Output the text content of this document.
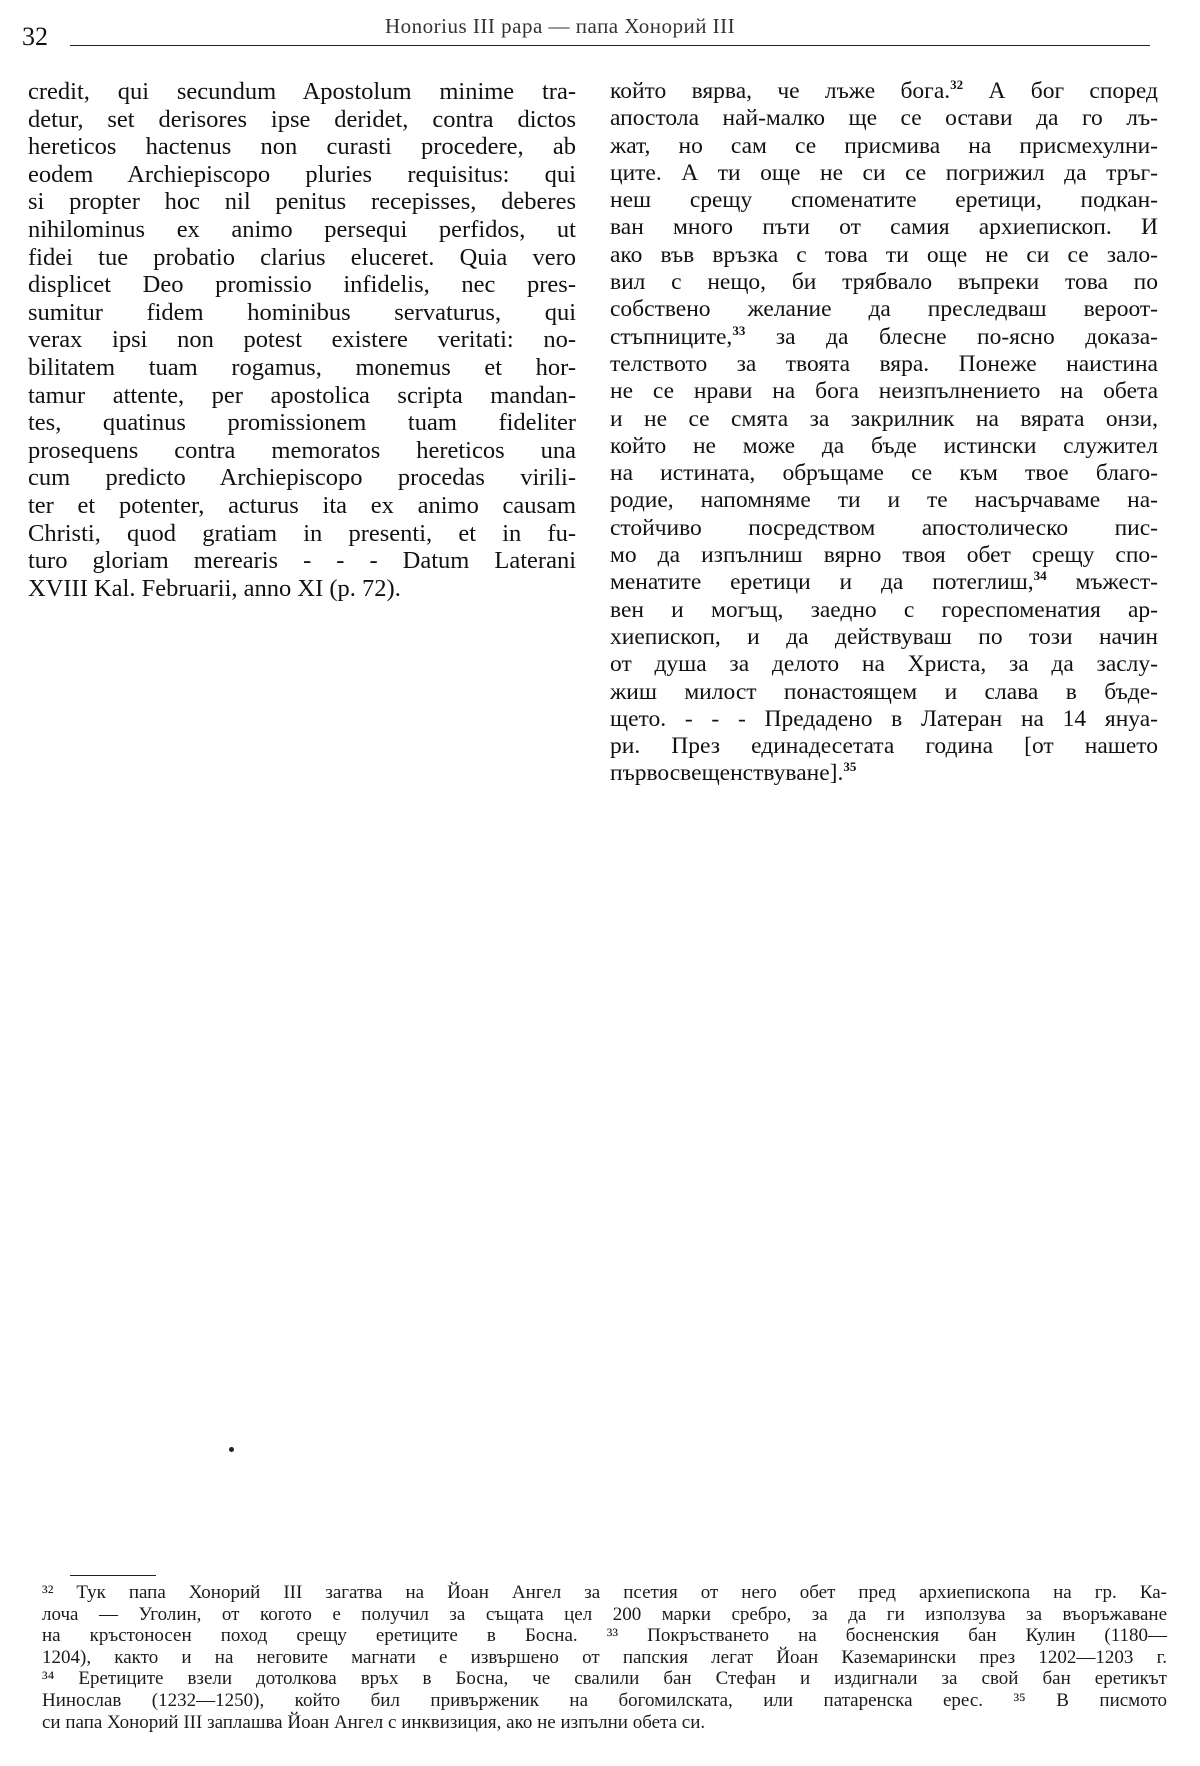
32	Honorius III papa — папа Хонорий III
credit, qui secundum Apostolum minime tra-
detur, set derisores ipse deridet, contra dictos
hereticos hactenus non curasti procedere, ab
eodem Archiepiscopo pluries requisitus: qui
si propter hoc nil penitus recepisses, deberes
nihilominus ex animo persequi perfidos, ut
fidei tue probatio clarius eluceret. Quia vero
displicet Deo promissio infidelis, nec pres-
sumitur fidem hominibus servaturus, qui
verax ipsi non potest existere veritati: no-
bilitatem tuam rogamus, monemus et hor-
tamur attente, per apostolica scripta mandan-
tes, quatinus promissionem tuam fideliter
prosequens contra memoratos hereticos una
cum predicto Archiepiscopo procedas virili-
ter et potenter, acturus ita ex animo causam
Christi, quod gratiam in presenti, et in fu-
turo gloriam merearis - - - Datum Laterani
XVIII Kal. Februarii, anno XI (p. 72).
който вярва, че лъже бога.$^{32}$ А бог според
апостола най-малко ще се остави да го лъ-
жат, но сам се присмива на присмехулни-
ците. А ти още не си се погрижил да тръг-
неш срещу споменатите еретици, подкан-
ван много пъти от самия архиепископ. И
ако във връзка с това ти още не си се зало-
вил с нещо, би трябвало въпреки това по
собствено желание да преследваш вероот-
стъпниците,$^{33}$ за да блесне по-ясно доказа-
телството за твоята вяра. Понеже наистина
не се нрави на бога неизпълнението на обета
и не се смята за закрилник на вярата онзи,
който не може да бъде истински служител
на истината, обръщаме се към твое благо-
родие, напомняме ти и те насърчаваме на-
стойчиво посредством апостолическо пис-
мо да изпълниш вярно твоя обет срещу спо-
менатите еретици и да потеглиш,$^{34}$ мъжест-
вен и могъщ, заедно с гореспоменатия ар-
хиепископ, и да действуваш по този начин
от душа за делото на Христа, за да заслу-
жиш милост понастоящем и слава в бъде-
щето. - - - Предадено в Латеран на 14 януа-
ри. През единадесетата година [от нашето
първосвещенствуване].$^{35}$
³² Тук папа Хонорий III загатва на Йоан Ангел за псетия от него обет пред архиепископа на гр. Ка-
лоча — Уголин, от когото е получил за същата цел 200 марки сребро, за да ги използува за въоръжаване
на кръстоносен поход срещу еретиците в Босна. ³³ Покръстването на босненския бан Кулин (1180—
1204), както и на неговите магнати е извършено от папския легат Йоан Каземарински през 1202—1203 г.
³⁴ Еретиците взели дотолкова връх в Босна, че свалили бан Стефан и издигнали за свой бан еретикът
Нинослав (1232—1250), който бил привърженик на богомилската, или патаренска ерес. ³⁵ В писмото
си папа Хонорий III заплашва Йоан Ангел с инквизиция, ако не изпълни обета си.
